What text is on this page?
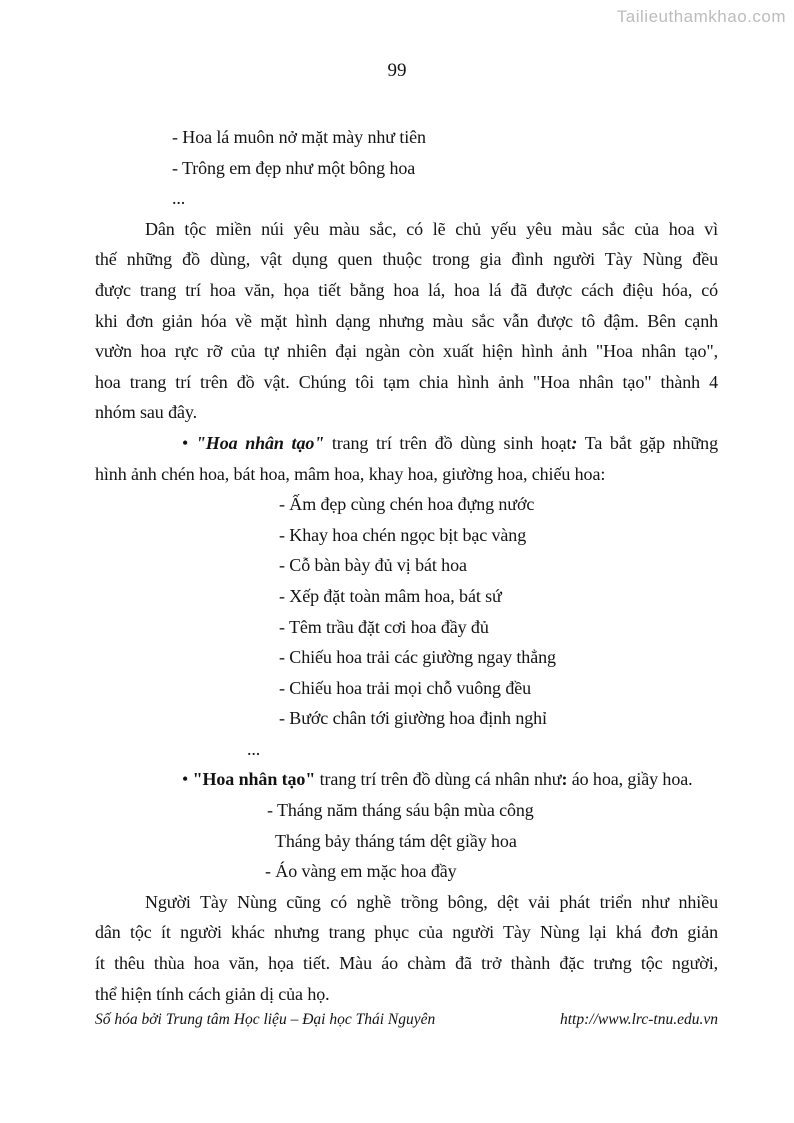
Tailieuthamkhao.com
99
- Hoa lá muôn nở mặt mày như tiên
- Trông em đẹp như một bông hoa
...
Dân tộc miền núi yêu màu sắc, có lẽ chủ yếu yêu màu sắc của hoa vì
thế những đồ dùng, vật dụng quen thuộc trong gia đình người Tày Nùng đều
được trang trí hoa văn, họa tiết bằng hoa lá, hoa lá đã được cách điệu hóa, có
khi đơn giản hóa về mặt hình dạng nhưng màu sắc vẫn được tô đậm. Bên cạnh
vườn hoa rực rỡ của tự nhiên đại ngàn còn xuất hiện hình ảnh "Hoa nhân tạo",
hoa trang trí trên đồ vật. Chúng tôi tạm chia hình ảnh "Hoa nhân tạo" thành 4
nhóm sau đây.
• "Hoa nhân tạo" trang trí trên đồ dùng sinh hoạt: Ta bắt gặp những
hình ảnh chén hoa, bát hoa, mâm hoa, khay hoa, giường hoa, chiếu hoa:
- Ấm đẹp cùng chén hoa đựng nước
- Khay hoa chén ngọc bịt bạc vàng
- Cỗ bàn bày đủ vị bát hoa
- Xếp đặt toàn mâm hoa, bát sứ
- Têm trầu đặt cơi hoa đầy đủ
- Chiếu hoa trải các giường ngay thẳng
- Chiếu hoa trải mọi chỗ vuông đều
- Bước chân tới giường hoa định nghỉ
...
• "Hoa nhân tạo" trang trí trên đồ dùng cá nhân như: áo hoa, giầy hoa.
- Tháng năm tháng sáu bận mùa công
Tháng bảy tháng tám dệt giầy hoa
- Áo vàng em mặc hoa đầy
Người Tày Nùng cũng có nghề trồng bông, dệt vải phát triển như nhiều
dân tộc ít người khác nhưng trang phục của người Tày Nùng lại khá đơn giản
ít thêu thùa hoa văn, họa tiết. Màu áo chàm đã trở thành đặc trưng tộc người,
thể hiện tính cách giản dị của họ.
Số hóa bởi Trung tâm Học liệu – Đại học Thái Nguyên	http://www.lrc-tnu.edu.vn
